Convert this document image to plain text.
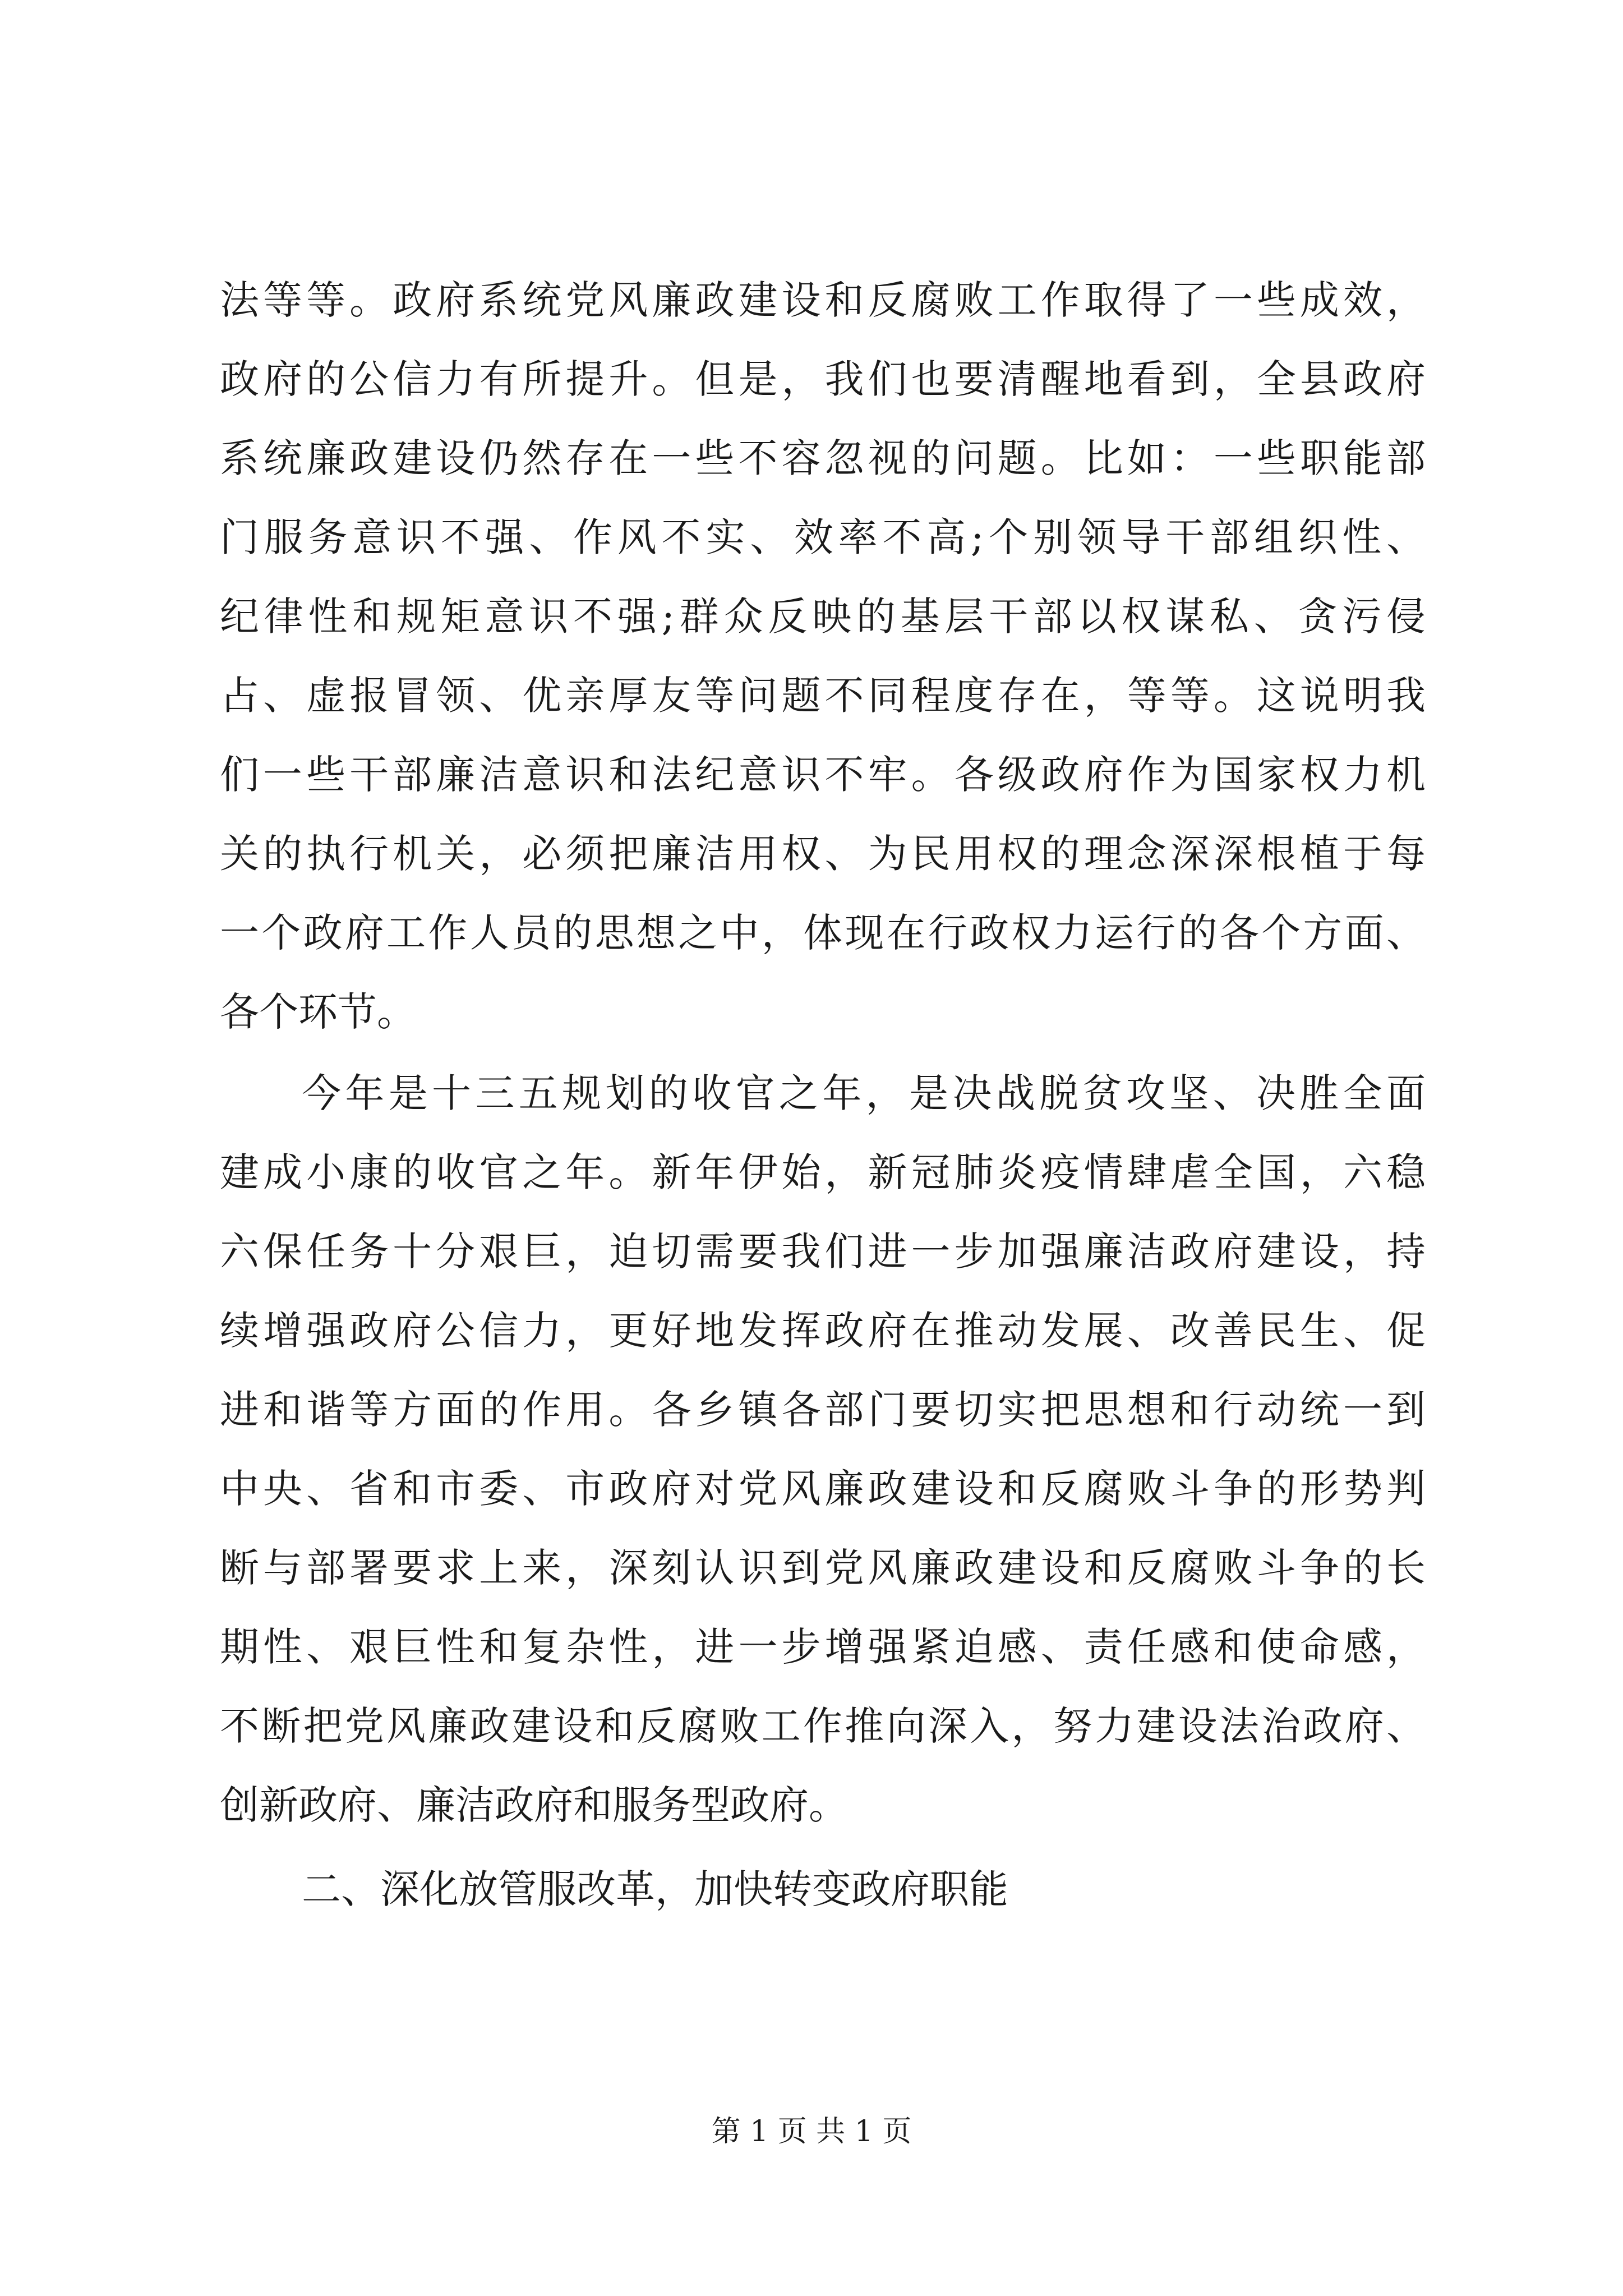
法等等。政府系统党风廉政建设和反腐败工作取得了一些成效，
政府的公信力有所提升。但是，我们也要清醒地看到，全县政府
系统廉政建设仍然存在一些不容忽视的问题。比如：一些职能部
门服务意识不强、作风不实、效率不高;个别领导干部组织性、
纪律性和规矩意识不强;群众反映的基层干部以权谋私、贪污侵
占、虚报冒领、优亲厚友等问题不同程度存在，等等。这说明我
们一些干部廉洁意识和法纪意识不牢。各级政府作为国家权力机
关的执行机关，必须把廉洁用权、为民用权的理念深深根植于每
一个政府工作人员的思想之中，体现在行政权力运行的各个方面、
各个环节。
今年是十三五规划的收官之年，是决战脱贫攻坚、决胜全面
建成小康的收官之年。新年伊始，新冠肺炎疫情肆虐全国，六稳
六保任务十分艰巨，迫切需要我们进一步加强廉洁政府建设，持
续增强政府公信力，更好地发挥政府在推动发展、改善民生、促
进和谐等方面的作用。各乡镇各部门要切实把思想和行动统一到
中央、省和市委、市政府对党风廉政建设和反腐败斗争的形势判
断与部署要求上来，深刻认识到党风廉政建设和反腐败斗争的长
期性、艰巨性和复杂性，进一步增强紧迫感、责任感和使命感，
不断把党风廉政建设和反腐败工作推向深入，努力建设法治政府、
创新政府、廉洁政府和服务型政府。
二、深化放管服改革，加快转变政府职能
第 1 页 共 1 页
